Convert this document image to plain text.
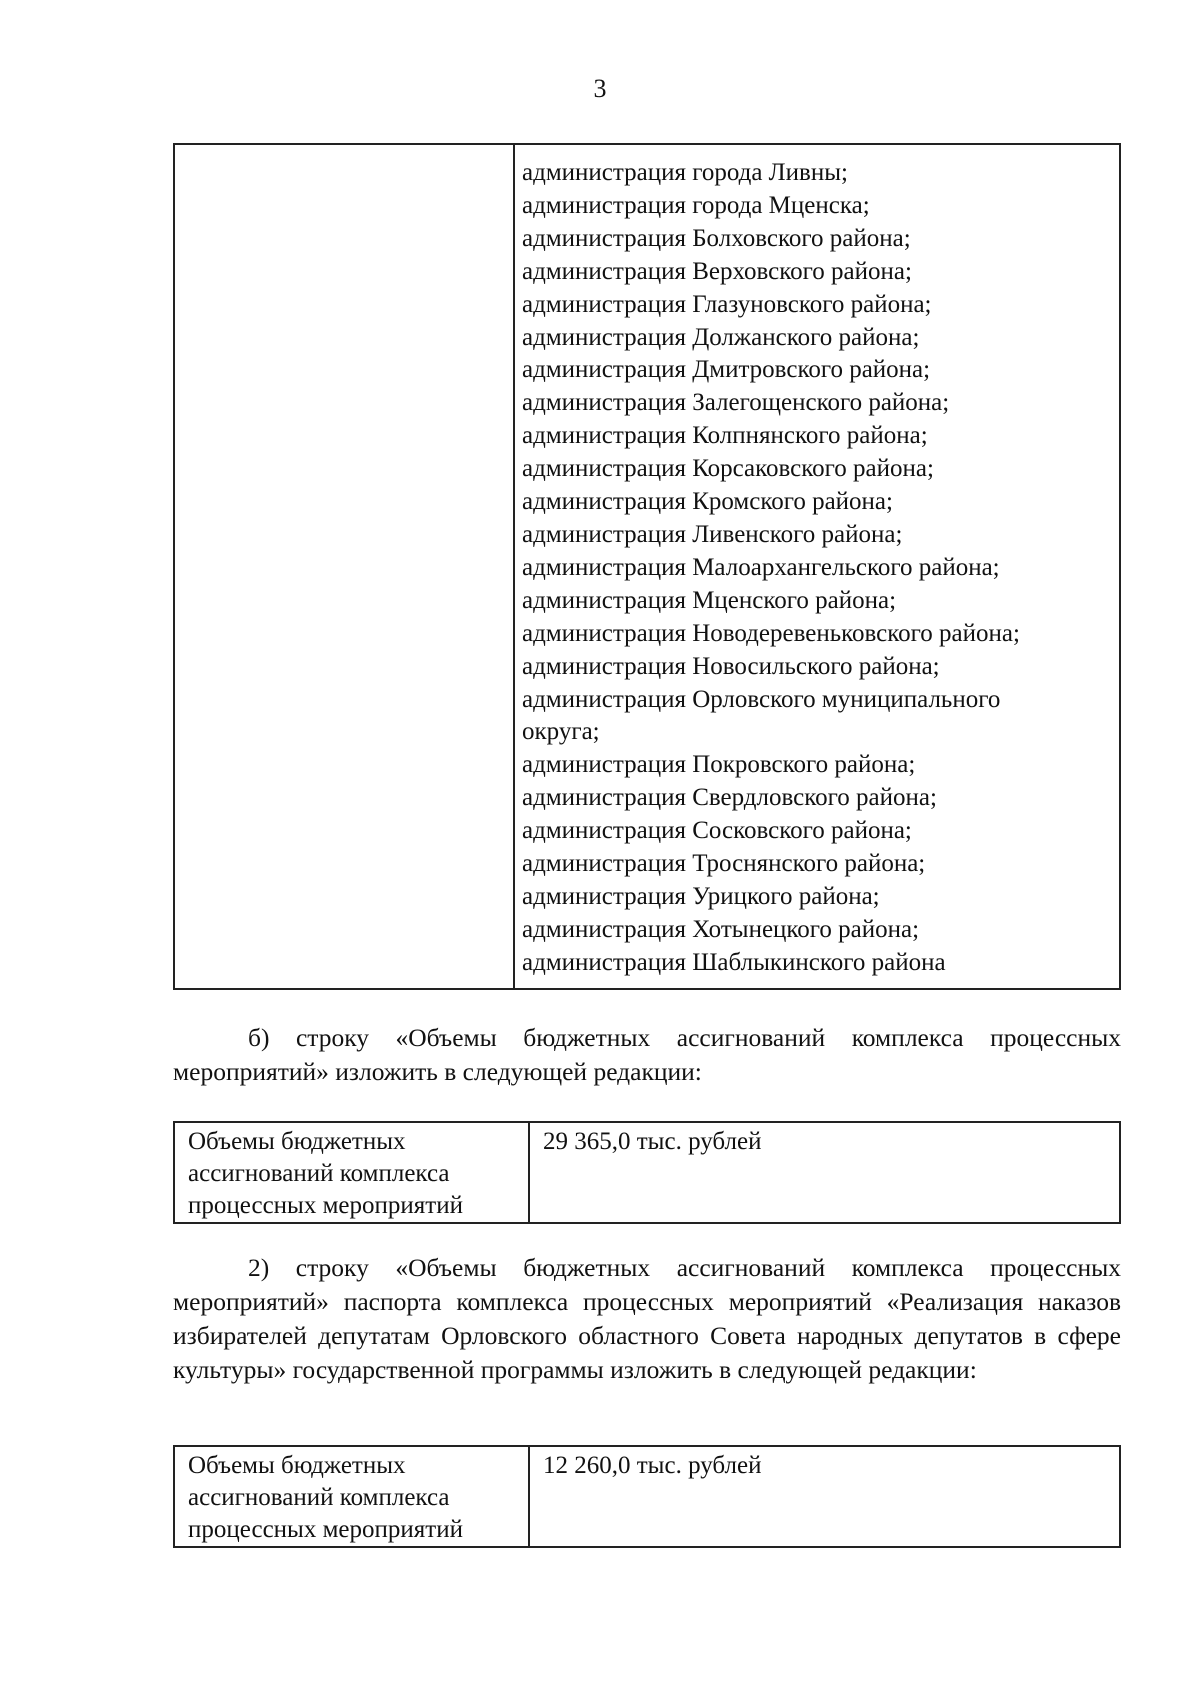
3

администрация города Ливны;
администрация города Мценска;
администрация Болховского района;
администрация Верховского района;
администрация Глазуновского района;
администрация Должанского района;
администрация Дмитровского района;
администрация Залегощенского района;
администрация Колпнянского района;
администрация Корсаковского района;
администрация Кромского района;
администрация Ливенского района;
администрация Малоархангельского района;
администрация Мценского района;
администрация Новодеревеньковского района;
администрация Новосильского района;
администрация Орловского муниципального
округа;
администрация Покровского района;
администрация Свердловского района;
администрация Сосковского района;
администрация Троснянского района;
администрация Урицкого района;
администрация Хотынецкого района;
администрация Шаблыкинского района

б) строку «Объемы бюджетных ассигнований комплекса процессных мероприятий» изложить в следующей редакции:

Объемы бюджетных
ассигнований комплекса
процессных мероприятий
	29 365,0 тыс. рублей

2) строку «Объемы бюджетных ассигнований комплекса процессных мероприятий» паспорта комплекса процессных мероприятий «Реализация наказов избирателей депутатам Орловского областного Совета народных депутатов в сфере культуры» государственной программы изложить в следующей редакции:

Объемы бюджетных
ассигнований комплекса
процессных мероприятий
	12 260,0 тыс. рублей
